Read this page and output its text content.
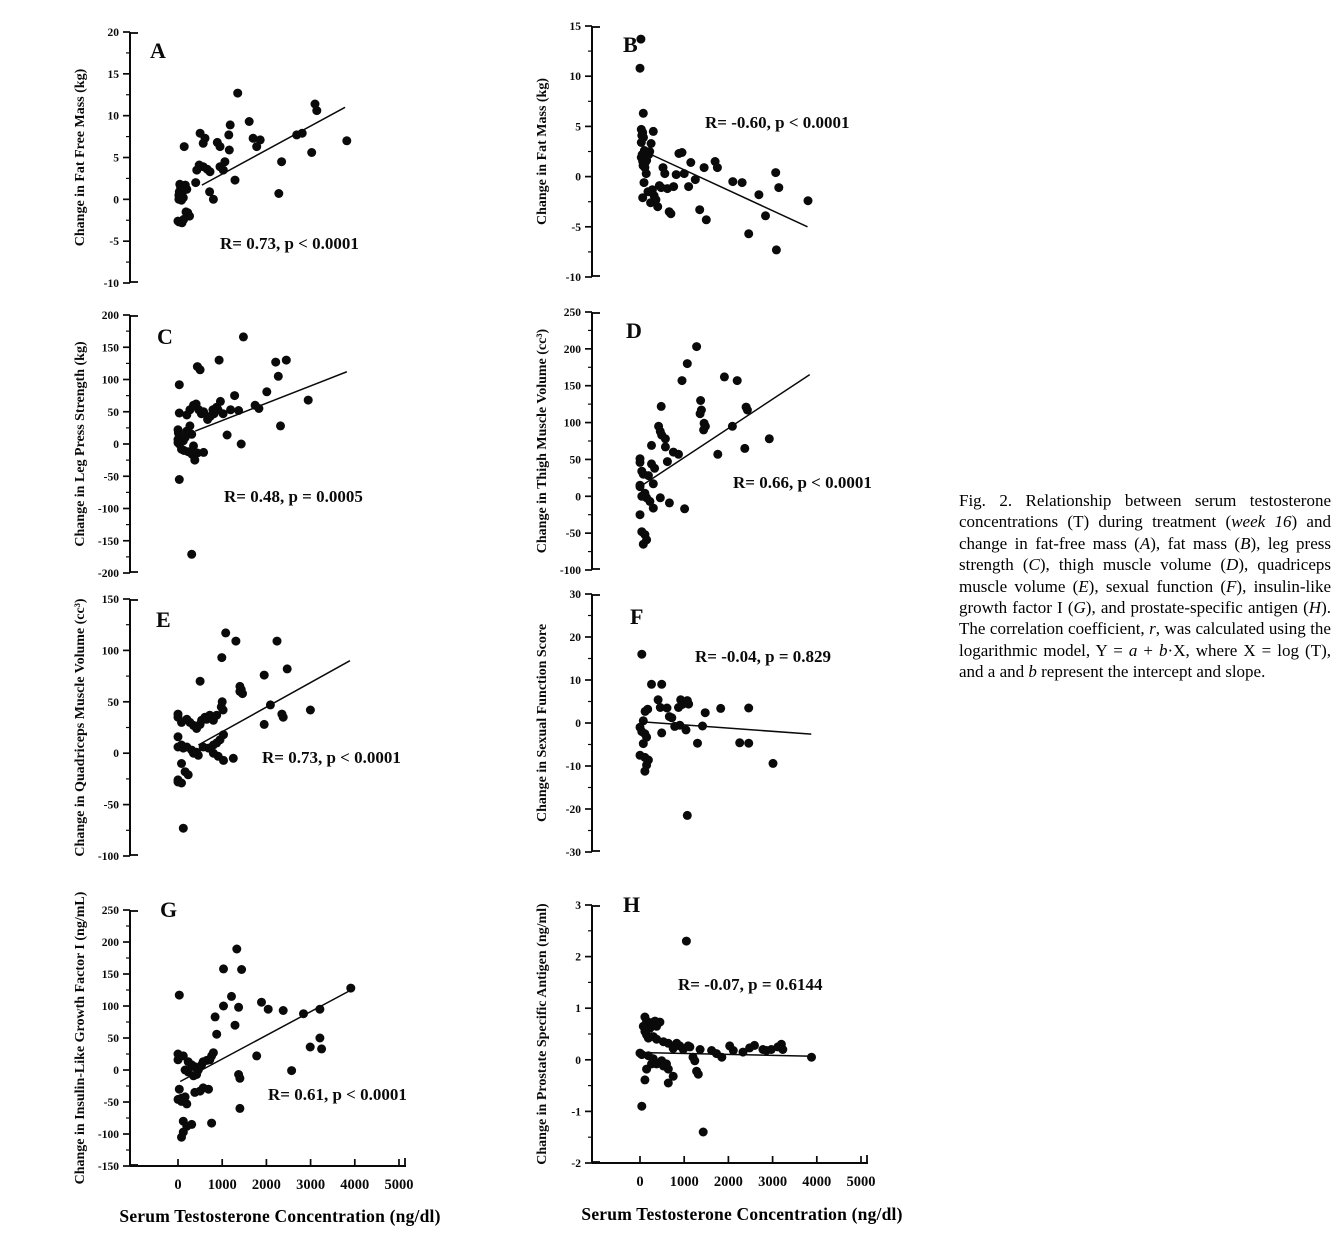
20
15
10
5
0
-5
-10
Change in Fat Free Mass (kg)
A
R= 0.73, p < 0.0001
15
10
5
0
-5
-10
Change in Fat Mass (kg)
B
R= -0.60, p < 0.0001
200
150
100
50
0
-50
-100
-150
-200
Change in Leg Press Strength (kg)
C
R= 0.48, p = 0.0005
250
200
150
100
50
0
-50
-100
Change in Thigh Muscle Volume (cc³)	D
R= 0.66, p < 0.0001
150
100
50
0
-50
-100
Change in Quadriceps Muscle Volume (cc³)	E
R= 0.73, p < 0.0001
30
20
10
0
-10
-20
-30
Change in Sexual Function Score
F
R= -0.04, p = 0.829
250
200
150
100
50
0
-50
-100
-150
Change in Insulin-Like Growth Factor I (ng/mL)
0 1000 2000 3000 4000 5000
G
R= 0.61, p < 0.0001
3
2
1
0
-1
-2
Change in Prostate Specific Antigen (ng/ml)
0 1000 2000 3000 4000 5000
H
R= -0.07, p = 0.6144
Serum Testosterone Concentration (ng/dl)	Serum Testosterone Concentration (ng/dl)
Fig. 2. Relationship between serum testosterone concentrations (T) during treatment (week 16) and change in fat-free mass (A), fat mass (B), leg press strength (C), thigh muscle volume (D), quadriceps muscle volume (E), sexual function (F), insulin-like growth factor I (G), and prostate-specific antigen (H). The correlation coefficient, r, was calculated using the logarithmic model, Y = a + b·X, where X = log (T), and a and b represent the intercept and slope.
